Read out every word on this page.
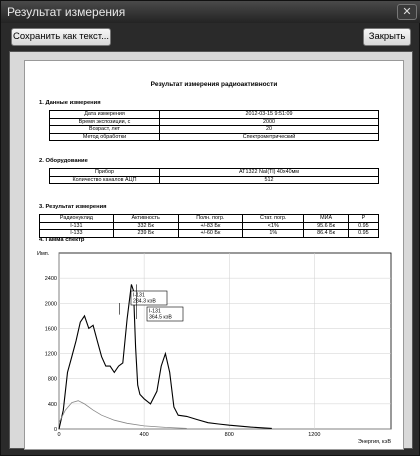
Результат измерения	✕
Сохранить как текст...	Закрыть
Результат измерения радиоактивности
1. Данные измерения
Дата измерения	2012-03-15 9:51:09
Время экспозиции, с	2000
Возраст, лет	20
Метод обработки	Спектрометрический
2. Оборудование
Прибор	AT1322 NaI(Tl) 40x40мм
Количество каналов АЦП	512
3. Результат измерения
Радионуклид	Активность	Полн. погр.	Стат. погр.	МИА	P
I-131	332 Бк	+/-83 Бк	<1%	95.6 Бк	0.95
I-133	239 Бк	+/-60 Бк	1%	86.4 Бк	0.95
4. Гамма спектр
0
400
800
1200
1600
2000
2400
0	400	800	1200
Имп.
Энергия, кэВ
I-131
284.3 кэВ
I-131
364.5 кэВ
